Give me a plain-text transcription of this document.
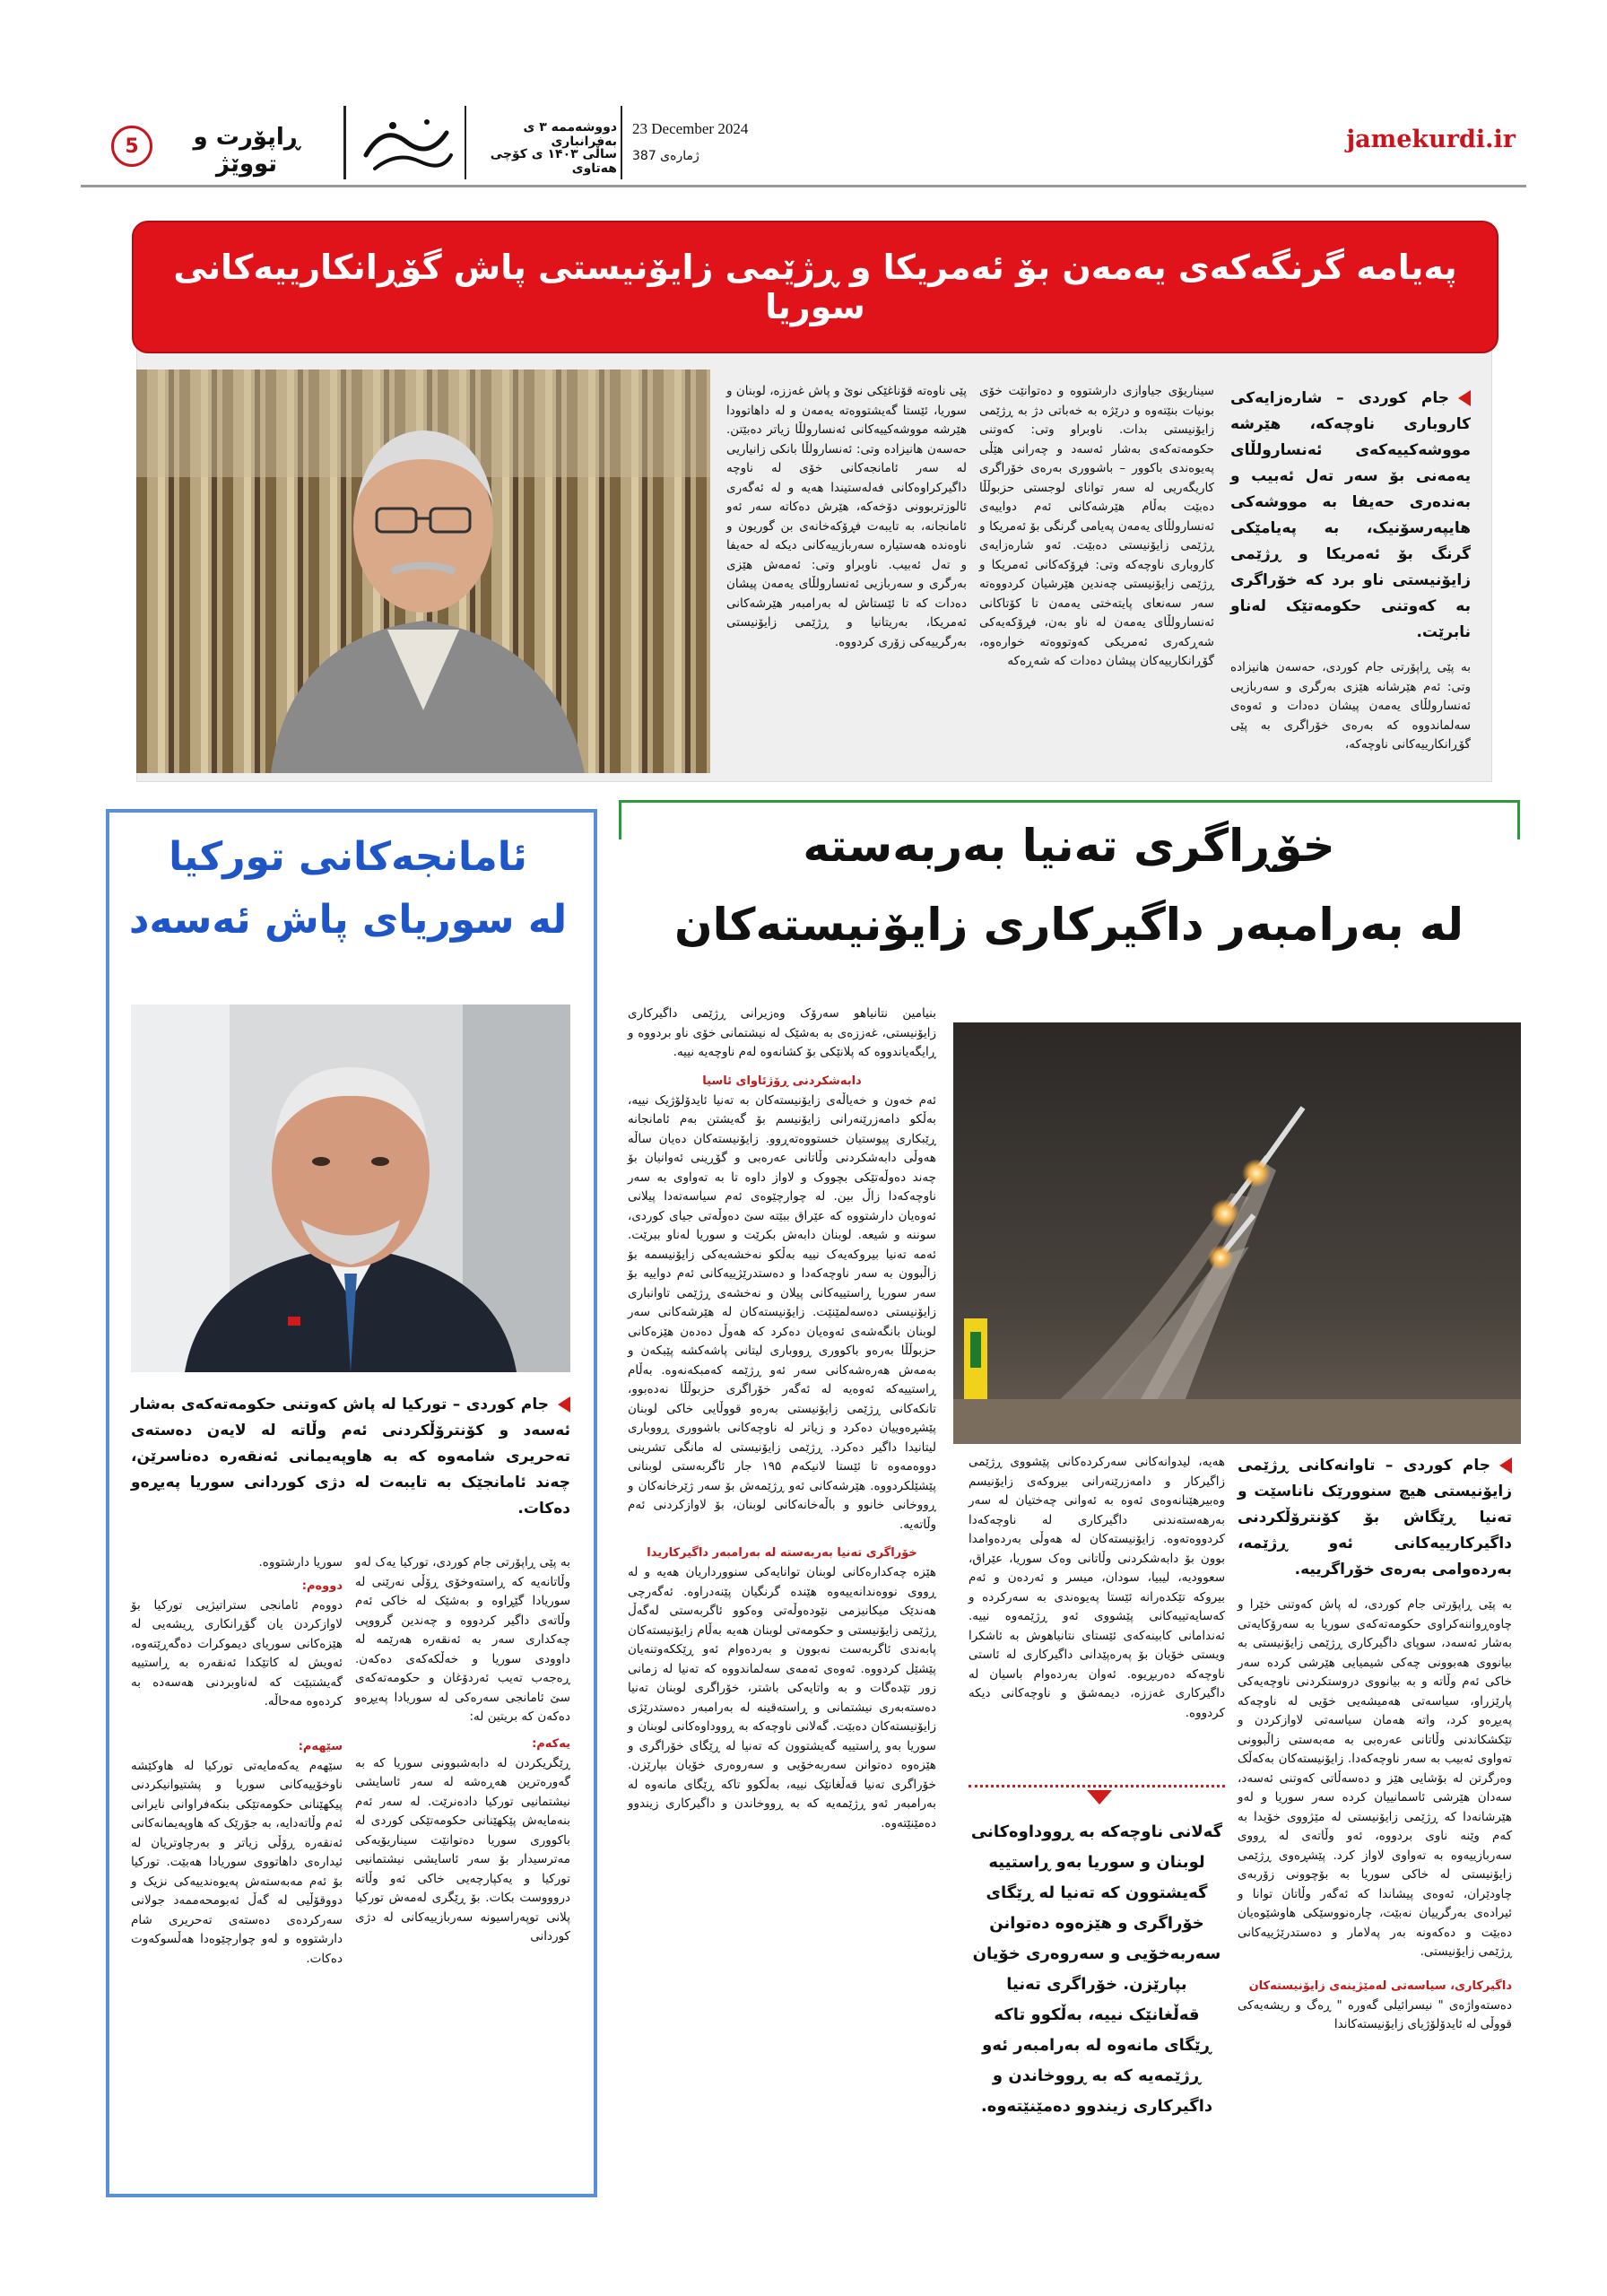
jamekurdi.ir
23 December 2024
ژمارەی 387
دووشەممە ۳ ی بەفرانباری
ساڵی ۱۴۰۳ ی کۆچی هەتاوی
ڕاپۆرت و تووێژ
5
پەیامە گرنگەکەی یەمەن بۆ ئەمریکا و ڕژێمی زایۆنیستی پاش گۆڕانکارییەکانی سوریا
جام کوردی – شارەزایەکی کاروباری ناوچەکە، هێرشە مووشەکییەکەی ئەنسارولڵای یەمەنی بۆ سەر تەل ئەبیب و بەندەری حەیفا بە مووشەکی هایپەرسۆنیک، بە پەیامێکی گرنگ بۆ ئەمریکا و ڕژێمی زایۆنیستی ناو برد کە خۆراگری بە کەوتنی حکومەتێک لەناو نابرێت.
بە پێی ڕاپۆرتی جام کوردی، حەسەن هانیزادە وتی: ئەم هێرشانە هێزی بەرگری و سەربازیی ئەنسارولڵای یەمەن پیشان دەدات و ئەوەی سەلماندووە کە بەرەی خۆراگری بە پێی گۆڕانکارییەکانی ناوچەکە،
سیناریۆی جیاوازی دارشتووە و دەتوانێت خۆی بونیات بنێتەوە و درێژە بە خەباتی دژ بە ڕژێمی زایۆنیستی بدات. ناوبراو وتی: کەوتنی حکومەتەکەی بەشار ئەسەد و چەرانی هێڵی پەیوەندی باکوور – باشووری بەرەی خۆراگری کاریگەریی لە سەر توانای لوجستی حزبوڵڵا دەبێت بەڵام هێرشەکانی ئەم دواییەی ئەنسارولڵای یەمەن پەیامی گرنگی بۆ ئەمریکا و ڕژێمی زایۆنیستی دەبێت. ئەو شارەزایەی کاروباری ناوچەکە وتی: فڕۆکەکانی ئەمریکا و ڕژێمی زایۆنیستی چەندین هێرشیان کردووەتە سەر سەنعای پایتەختی یەمەن تا کۆتاکانی ئەنسارولڵای یەمەن لە ناو بەن، فڕۆکەیەکی شەڕکەری ئەمریکی کەوتووەتە خوارەوە، گۆڕانکارییەکان پیشان دەدات کە شەڕەکە
پێی ناوەتە قۆناغێکی نوێ و پاش غەززە، لوبنان و سوریا، ئێستا گەیشتووەتە یەمەن و لە داهاتوودا هێرشە مووشەکییەکانی ئەنسارولڵا زیاتر دەبێتن. حەسەن هانیزادە وتی: ئەنسارولڵا بانکی زانیاریی لە سەر ئامانجەکانی خۆی لە ناوچە داگیرکراوەکانی فەلەستیندا هەیە و لە ئەگەری ئالوزتربوونی دۆخەکە، هێرش دەکاتە سەر ئەو ئامانجانە، بە تایبەت فڕۆکەخانەی بن گوریون و ناوەندە هەستیارە سەربازییەکانی دیکە لە حەیفا و تەل ئەبیب. ناوبراو وتی: ئەمەش هێزی بەرگری و سەربازیی ئەنسارولڵای یەمەن پیشان دەدات کە تا ئێستاش لە بەرامبەر هێرشەکانی ئەمریکا، بەریتانیا و ڕژێمی زایۆنیستی بەرگرییەکی زۆری کردووە.
خۆڕاگری تەنیا بەربەستە
لە بەرامبەر داگیرکاری زایۆنیستەکان
جام کوردی – تاوانەکانی ڕژێمی زایۆنیستی هیچ سنوورێک ناناسێت و تەنیا ڕێگاش بۆ کۆنترۆڵکردنی داگیرکارییەکانی ئەو ڕژێمە، بەردەوامی بەرەی خۆراگرییە.
بە پێی ڕاپۆرتی جام کوردی، لە پاش کەوتنی خێرا و چاوەڕواننەکراوی حکومەتەکەی سوریا بە سەرۆکایەتی بەشار ئەسەد، سوپای داگیرکاری ڕژێمی زایۆنیستی بە بیانووی هەبوونی چەکی شیمیایی هێرشی کردە سەر خاکی ئەم وڵاتە و بە بیانووی دروستکردنی ناوچەیەکی پارێزراو، سیاسەتی هەمیشەیی خۆیی لە ناوچەکە پەیڕەو کرد، واتە هەمان سیاسەتی لاوازکردن و تێکشکاندنی وڵاتانی عەرەبی بە مەبەستی زاڵبوونی تەواوی ئەبیب بە سەر ناوچەکەدا. زایۆنیستەکان بەکەڵک وەرگرتن لە بۆشایی هێز و دەسەڵاتی کەوتنی ئەسەد، سەدان هێرشی ئاسمانییان کردە سەر سوریا و لەو هێرشانەدا کە ڕژێمی زایۆنیستی لە مێژووی خۆیدا بە کەم وێنە ناوی بردووە، ئەو وڵاتەی لە ڕووی سەربازییەوە بە تەواوی لاواز کرد. پێشڕەوی ڕژێمی زایۆنیستی لە خاکی سوریا بە بۆچوونی زۆربەی چاودێران، ئەوەی پیشاندا کە ئەگەر وڵاتان توانا و ئیرادەی بەرگرییان نەبێت، چارەنووسێکی هاوشێوەیان دەبێت و دەکەونە بەر پەلامار و دەستدرێژییەکانی ڕژێمی زایۆنیستی.
داگیرکاری، سیاسەتی لەمێژینەی زایۆنیستەکان
دەستەواژەی " نیسرائیلی گەورە " ڕەگ و ریشەیەکی قووڵی لە ئایدۆلۆژیای زایۆنیستەکاندا
هەیە، لیدوانەکانی سەرکردەکانی پێشووی ڕژێمی زاگیرکار و دامەزرێنەرانی بیروکەی زایۆنیسم وەبیرهێنانەوەی ئەوە بە ئەوانی چەختیان لە سەر بەرهەستەندنی داگیرکاری لە ناوچەکەدا کردووەتەوە. زایۆنیستەکان لە هەوڵی بەردەوامدا بوون بۆ دابەشکردنی وڵاتانی وەک سوریا، عێراق، سعوودیە، لیبیا، سودان، میسر و ئەردەن و ئەم بیروکە تێکدەرانە ئێستا پەیوەندی بە سەرکردە و کەسایەتییەکانی پێشووی ئەو ڕژێمەوە نییە. ئەندامانی کابینەکەی ئێستای نتانیاهوش بە ئاشکرا ویستی خۆیان بۆ پەرەپێدانی داگیرکاری لە ئاستی ناوچەکە دەربڕیوە. ئەوان بەردەوام باسیان لە داگیرکاری غەززە، دیمەشق و ناوچەکانی دیکە کردووە.
گەلانی ناوچەکە بە ڕووداوەکانی لوبنان و سوریا بەو ڕاستییە گەیشتوون کە تەنیا لە ڕێگای خۆراگری و هێزەوە دەتوانن سەربەخۆیی و سەروەری خۆیان بپارێزن. خۆراگری تەنیا قەڵغانێک نییە، بەڵکوو تاکە ڕێگای مانەوە لە بەرامبەر ئەو ڕژێمەیە کە بە ڕووخاندن و داگیرکاری زیندوو دەمێنێتەوە.
بنیامین نتانیاهو سەرۆک وەزیرانی ڕژێمی داگیرکاری زایۆنیستی، غەززەی بە بەشێک لە نیشتمانی خۆی ناو بردووە و ڕایگەیاندووە کە پلانێکی بۆ کشانەوە لەم ناوچەیە نییە.
دابەشکردنی ڕۆژئاوای ئاسیا
ئەم خەون و خەیاڵەی زایۆنیستەکان بە تەنیا ئایدۆلۆژیک نییە، بەڵکو دامەزرێنەرانی زایۆنیسم بۆ گەیشتن بەم ئامانجانە ڕێبکاری پیوستیان خستووەتەڕوو. زایۆنیستەکان دەیان ساڵە هەوڵی دابەشکردنی وڵاتانی عەرەبی و گۆڕینی ئەوانیان بۆ چەند دەوڵەتێکی بچووک و لاواز داوە تا بە تەواوی بە سەر ناوچەکەدا زاڵ بین. لە چوارچێوەی ئەم سیاسەتەدا پیلانی ئەوەیان دارشتووە کە عێراق ببێتە سێ دەوڵەتی جیای کوردی، سوننە و شیعە. لوبنان دابەش بکرێت و سوریا لەناو ببرێت. ئەمە تەنیا بیروکەیەک نییە بەڵکو نەخشەیەکی زایۆنیسمە بۆ زاڵبوون بە سەر ناوچەکەدا و دەستدرێژییەکانی ئەم دواییە بۆ سەر سوریا ڕاستییەکانی پیلان و نەخشەی ڕژێمی تاوانباری زایۆنیستی دەسەلمێنێت. زایۆنیستەکان لە هێرشەکانی سەر لوبنان بانگەشەی ئەوەیان دەکرد کە هەوڵ دەدەن هێزەکانی حزبوڵڵا بەرەو باکووری ڕووباری لیتانی پاشەکشە پێبکەن و بەمەش هەرەشەکانی سەر ئەو ڕژێمە کەمبکەنەوە. بەڵام ڕاستییەکە ئەوەیە لە ئەگەر خۆراگری حزبوڵڵا نەدەبوو، تانکەکانی ڕژێمی زایۆنیستی بەرەو قووڵایی خاکی لوبنان پێشڕەوییان دەکرد و زیاتر لە ناوچەکانی باشووری ڕووباری لیتانیدا داگیر دەکرد. ڕژێمی زایۆنیستی لە مانگی تشرینی دووەمەوە تا ئێستا لانیکەم ۱۹۵ جار ئاگربەستی لوبنانی پێشێلکردووە. هێرشەکانی ئەو ڕژێمەش بۆ سەر ژێرخانەکان و ڕووخانی خانوو و باڵەخانەکانی لوبنان، بۆ لاوازکردنی ئەم وڵاتەیە.
خۆراگری تەنیا بەربەستە لە بەرامبەر داگیرکاریدا
هێزە چەکدارەکانی لوبنان توانایەکی سنوورداریان هەیە و لە ڕووی نووەندانەییەوە هێندە گرنگیان پێنەدراوە. ئەگەرچی هەندێک میکانیزمی نێودەوڵەتی وەکوو ئاگربەستی لەگەڵ ڕژێمی زایۆنیستی و حکومەتی لوبنان هەیە بەڵام زایۆنیستەکان پابەندی ئاگربەست نەبوون و بەردەوام ئەو ڕێککەوتنەیان پێشێل کردووە. ئەوەی ئەمەی سەلماندووە کە تەنیا لە زمانی زور تێدەگات و بە واتایەکی باشتر، خۆراگری لوبنان تەنیا دەستەبەری نیشتمانی و ڕاستەقینە لە بەرامبەر دەستدرێژی زایۆنیستەکان دەبێت. گەلانی ناوچەکە بە ڕووداوەکانی لوبنان و سوریا بەو ڕاستییە گەیشتوون کە تەنیا لە ڕێگای خۆراگری و هێزەوە دەتوانن سەربەخۆیی و سەروەری خۆیان بپارێزن. خۆراگری تەنیا قەڵغانێک نییە، بەڵکوو تاکە ڕێگای مانەوە لە بەرامبەر ئەو ڕژێمەیە کە بە ڕووخاندن و داگیرکاری زیندوو دەمێنێتەوە.
ئامانجەکانی تورکیا
لە سوریای پاش ئەسەد
جام کوردی – تورکیا لە پاش کەوتنی حکومەتەکەی بەشار ئەسەد و کۆنترۆڵکردنی ئەم وڵاتە لە لایەن دەستەی تەحریری شامەوە کە بە هاوپەیمانی ئەنقەرە دەناسرێن، چەند ئامانجێک بە تایبەت لە دژی کوردانی سوریا پەیڕەو دەکات.
بە پێی ڕاپۆرتی جام کوردی، تورکیا یەک لەو وڵاتانەیە کە ڕاستەوخۆی ڕۆڵی نەرێنی لە سوریادا گێڕاوە و بەشێک لە خاکی ئەم وڵاتەی داگیر کردووە و چەندین گرووپی چەکداری سەر بە ئەنقەرە هەرێمە لە داوودی سوریا و خەڵکەکەی دەکەن. ڕەجەب تەیب ئەردۆغان و حکومەتەکەی سێ ئامانجی سەرەکی لە سوریادا پەیڕەو دەکەن کە بریتین لە:
یەکەم:
ڕێگریکردن لە دابەشبوونی سوریا کە بە گەورەترین هەڕەشە لە سەر ئاسایشی نیشتمانیی تورکیا دادەنرێت. لە سەر ئەم بنەمایەش پێکهێنانی حکومەتێکی کوردی لە باکووری سوریا دەتوانێت سیناریۆیەکی مەترسیدار بۆ سەر ئاسایشی نیشتمانیی تورکیا و یەکپارچەیی خاکی ئەو وڵاتە دروووست بکات. بۆ ڕێگری لەمەش تورکیا پلانی توپەراسیونە سەربازییەکانی لە دژی کوردانی
سوریا دارشتووە.
دووەم:
دووەم ئامانجی ستراتیژیی تورکیا بۆ لاوازکردن یان گۆڕانکاری ڕیشەیی لە هێزەکانی سوریای دیموکرات دەگەڕێتەوە، ئەویش لە کاتێکدا ئەنقەرە بە ڕاستییە گەیشتبێت کە لەناوبردنی هەسەدە بە کردەوە مەحاڵە.
سێهەم:
سێهەم یەکەمایەتی تورکیا لە هاوکێشە ناوخۆییەکانی سوریا و پشتیوانیکردنی پیکهێنانی حکومەتێکی بنکەفراوانی نایرانی ئەم وڵاتەدایە، بە جۆرێک کە هاوپەیمانەکانی ئەنقەرە ڕۆڵی زیاتر و بەرچاوتریان لە ئیدارەی داهاتووی سوریادا هەبێت. تورکیا بۆ ئەم مەبەستەش پەیوەندییەکی نزیک و دووقۆڵیی لە گەڵ ئەبومحەممەد جولانی سەرکردەی دەستەی تەحریری شام دارشتووە و لەو چوارچێوەدا هەڵسوکەوت دەکات.
